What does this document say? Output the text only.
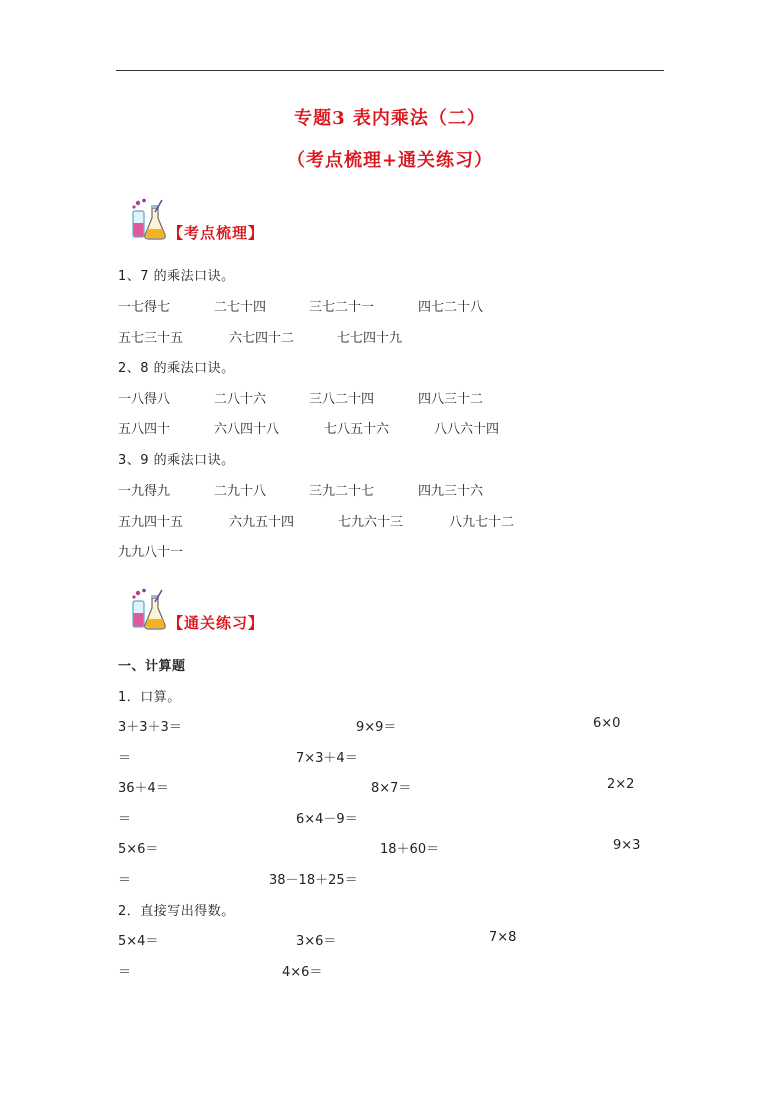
专题3 表内乘法（二）
（考点梳理+通关练习）
【考点梳理】
1、7 的乘法口诀。
一七得七	二七十四	三七二十一	四七二十八
五七三十五	六七四十二	七七四十九
2、8 的乘法口诀。
一八得八	二八十六	三八二十四	四八三十二
五八四十	六八四十八	七八五十六	八八六十四
3、9 的乘法口诀。
一九得九	二九十八	三九二十七	四九三十六
五九四十五	六九五十四	七九六十三	八九七十二
九九八十一
【通关练习】
一、计算题
1．口算。
3＋3＋3＝	9×9＝	6×0
＝	7×3＋4＝
36＋4＝	8×7＝	2×2
＝	6×4－9＝
5×6＝	18＋60＝	9×3
＝	38－18＋25＝
2．直接写出得数。
5×4＝	3×6＝	7×8
＝	4×6＝
